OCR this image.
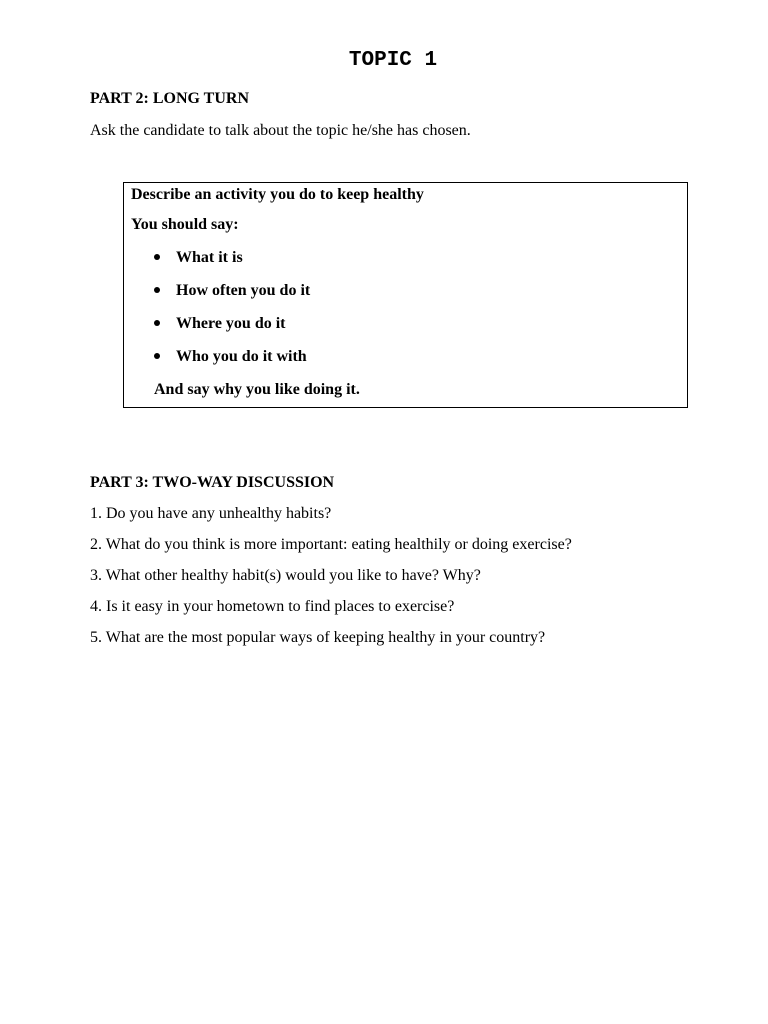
TOPIC 1
PART 2: LONG TURN
Ask the candidate to talk about the topic he/she has chosen.
Describe an activity you do to keep healthy
You should say:
What it is
How often you do it
Where you do it
Who you do it with
And say why you like doing it.
PART 3: TWO-WAY DISCUSSION
1. Do you have any unhealthy habits?
2. What do you think is more important: eating healthily or doing exercise?
3. What other healthy habit(s) would you like to have? Why?
4. Is it easy in your hometown to find places to exercise?
5. What are the most popular ways of keeping healthy in your country?
